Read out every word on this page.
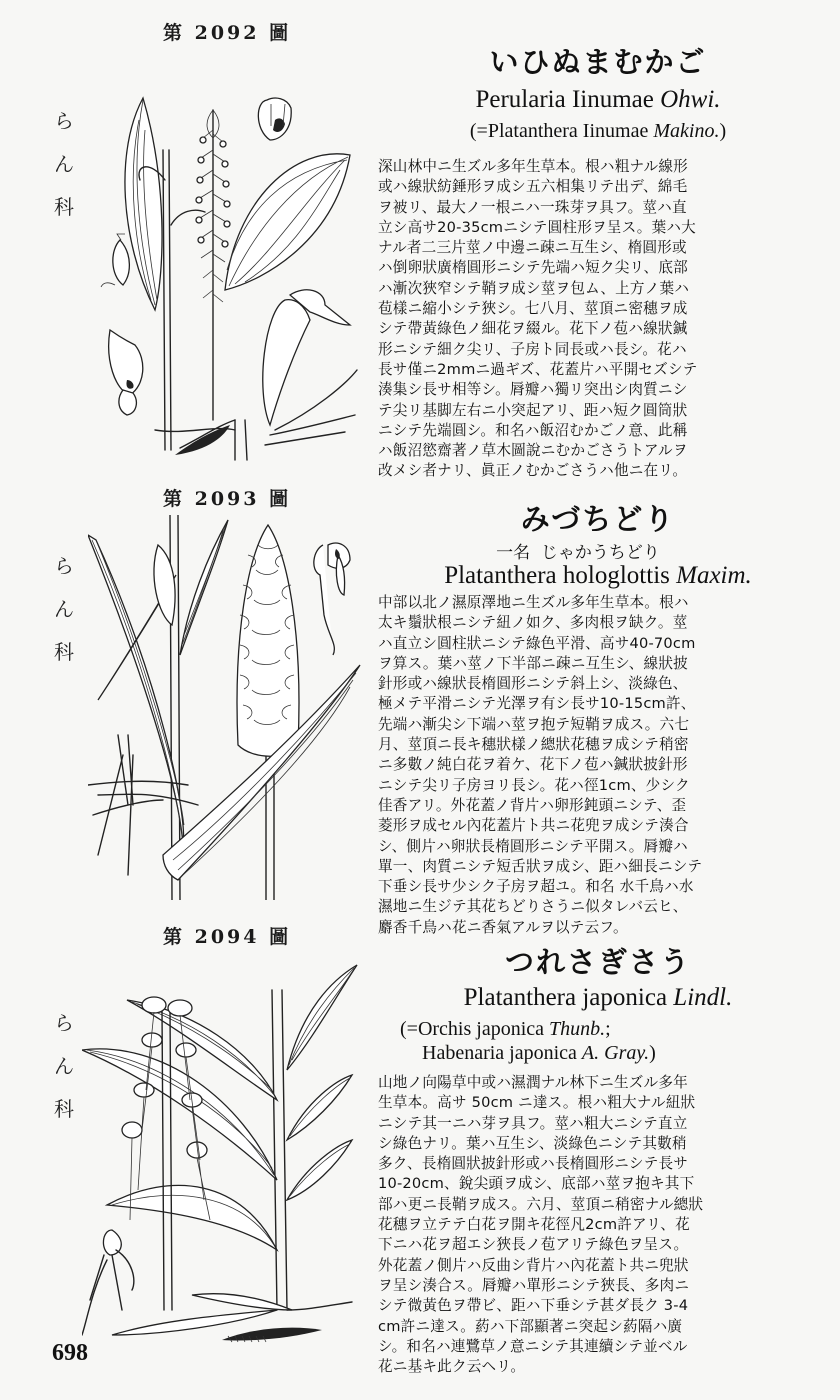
第 2092 圖
ら
ん
科
いひぬまむかご

Perularia Iinumae Ohwi.

(=Platanthera Iinumae Makino.)

深山林中ニ生ズル多年生草本。根ハ粗ナル線形
或ハ線狀紡錘形ヲ成シ五六相集リテ出デ、綿毛
ヲ被リ、最大ノ一根ニハ一珠芽ヲ具フ。莖ハ直
立シ高サ20-35cmニシテ圓柱形ヲ呈ス。葉ハ大
ナル者二三片莖ノ中邊ニ疎ニ互生シ、楕圓形或
ハ倒卵狀廣楕圓形ニシテ先端ハ短ク尖リ、底部
ハ漸次狹窄シテ鞘ヲ成シ莖ヲ包ム、上方ノ葉ハ
苞樣ニ縮小シテ狹シ。七八月、莖頂ニ密穗ヲ成
シテ帶黃綠色ノ細花ヲ綴ル。花下ノ苞ハ線狀鍼
形ニシテ細ク尖リ、子房ト同長或ハ長シ。花ハ
長サ僅ニ2mmニ過ギズ、花蓋片ハ平開セズシテ
湊集シ長サ相等シ。脣瓣ハ獨リ突出シ肉質ニシ
テ尖リ基脚左右ニ小突起アリ、距ハ短ク圓筒狀
ニシテ先端圓シ。和名ハ飯沼むかごノ意、此稱
ハ飯沼慾齋著ノ草木圖說ニむかごさうトアルヲ
改メシ者ナリ、眞正ノむかごさうハ他ニ在リ。

第 2093 圖
ら
ん
科
みづちどり

一名 じゃかうちどり

Platanthera hologlottis Maxim.

中部以北ノ濕原澤地ニ生ズル多年生草本。根ハ
太キ鬚狀根ニシテ紐ノ如ク、多肉根ヲ缺ク。莖
ハ直立シ圓柱狀ニシテ綠色平滑、高サ40-70cm
ヲ算ス。葉ハ莖ノ下半部ニ疎ニ互生シ、線狀披
針形或ハ線狀長楕圓形ニシテ斜上シ、淡綠色、
極メテ平滑ニシテ光澤ヲ有シ長サ10-15cm許、
先端ハ漸尖シ下端ハ莖ヲ抱テ短鞘ヲ成ス。六七
月、莖頂ニ長キ穗狀樣ノ總狀花穗ヲ成シテ稍密
ニ多數ノ純白花ヲ着ケ、花下ノ苞ハ鍼狀披針形
ニシテ尖リ子房ヨリ長シ。花ハ徑1cm、少シク
佳香アリ。外花蓋ノ背片ハ卵形鈍頭ニシテ、歪
菱形ヲ成セル內花蓋片ト共ニ花兜ヲ成シテ湊合
シ、側片ハ卵狀長楕圓形ニシテ平開ス。脣瓣ハ
單一、肉質ニシテ短舌狀ヲ成シ、距ハ細長ニシテ
下垂シ長サ少シク子房ヲ超ユ。和名 水千鳥ハ水
濕地ニ生ジテ其花ちどりさうニ似タレバ云ヒ、
麝香千鳥ハ花ニ香氣アルヲ以テ云フ。

第 2094 圖
ら
ん
科
つれさぎさう

Platanthera japonica Lindl.

(=Orchis japonica Thunb.;

Habenaria japonica A. Gray.)

山地ノ向陽草中或ハ濕潤ナル林下ニ生ズル多年
生草本。高サ 50cm ニ達ス。根ハ粗大ナル紐狀
ニシテ其一ニハ芽ヲ具フ。莖ハ粗大ニシテ直立
シ綠色ナリ。葉ハ互生シ、淡綠色ニシテ其數稍
多ク、長楕圓狀披針形或ハ長楕圓形ニシテ長サ
10-20cm、銳尖頭ヲ成シ、底部ハ莖ヲ抱キ其下
部ハ更ニ長鞘ヲ成ス。六月、莖頂ニ稍密ナル總狀
花穗ヲ立テテ白花ヲ開キ花徑凡2cm許アリ、花
下ニハ花ヲ超エシ狹長ノ苞アリテ綠色ヲ呈ス。
外花蓋ノ側片ハ反曲シ背片ハ內花蓋ト共ニ兜狀
ヲ呈シ湊合ス。脣瓣ハ單形ニシテ狹長、多肉ニ
シテ微黃色ヲ帶ビ、距ハ下垂シテ甚ダ長ク 3-4
cm許ニ達ス。葯ハ下部顯著ニ突起シ葯隔ハ廣
シ。和名ハ連鷺草ノ意ニシテ其連續シテ並ベル
花ニ基キ此ク云ヘリ。

698
